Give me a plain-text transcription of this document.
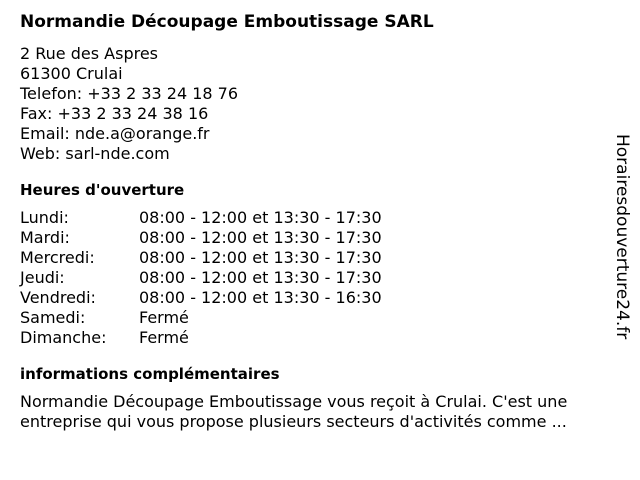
Normandie Découpage Emboutissage SARL
2 Rue des Aspres
61300 Crulai
Telefon: +33 2 33 24 18 76
Fax: +33 2 33 24 38 16
Email: nde.a@orange.fr
Web: sarl-nde.com
Heures d'ouverture
Lundi:	08:00 - 12:00 et 13:30 - 17:30
Mardi:	08:00 - 12:00 et 13:30 - 17:30
Mercredi:	08:00 - 12:00 et 13:30 - 17:30
Jeudi:	08:00 - 12:00 et 13:30 - 17:30
Vendredi:	08:00 - 12:00 et 13:30 - 16:30
Samedi:	Fermé
Dimanche:	Fermé
informations complémentaires
Normandie Découpage Emboutissage vous reçoit à Crulai. C'est une
entreprise qui vous propose plusieurs secteurs d'activités comme ...
Horairesdouverture24.fr
